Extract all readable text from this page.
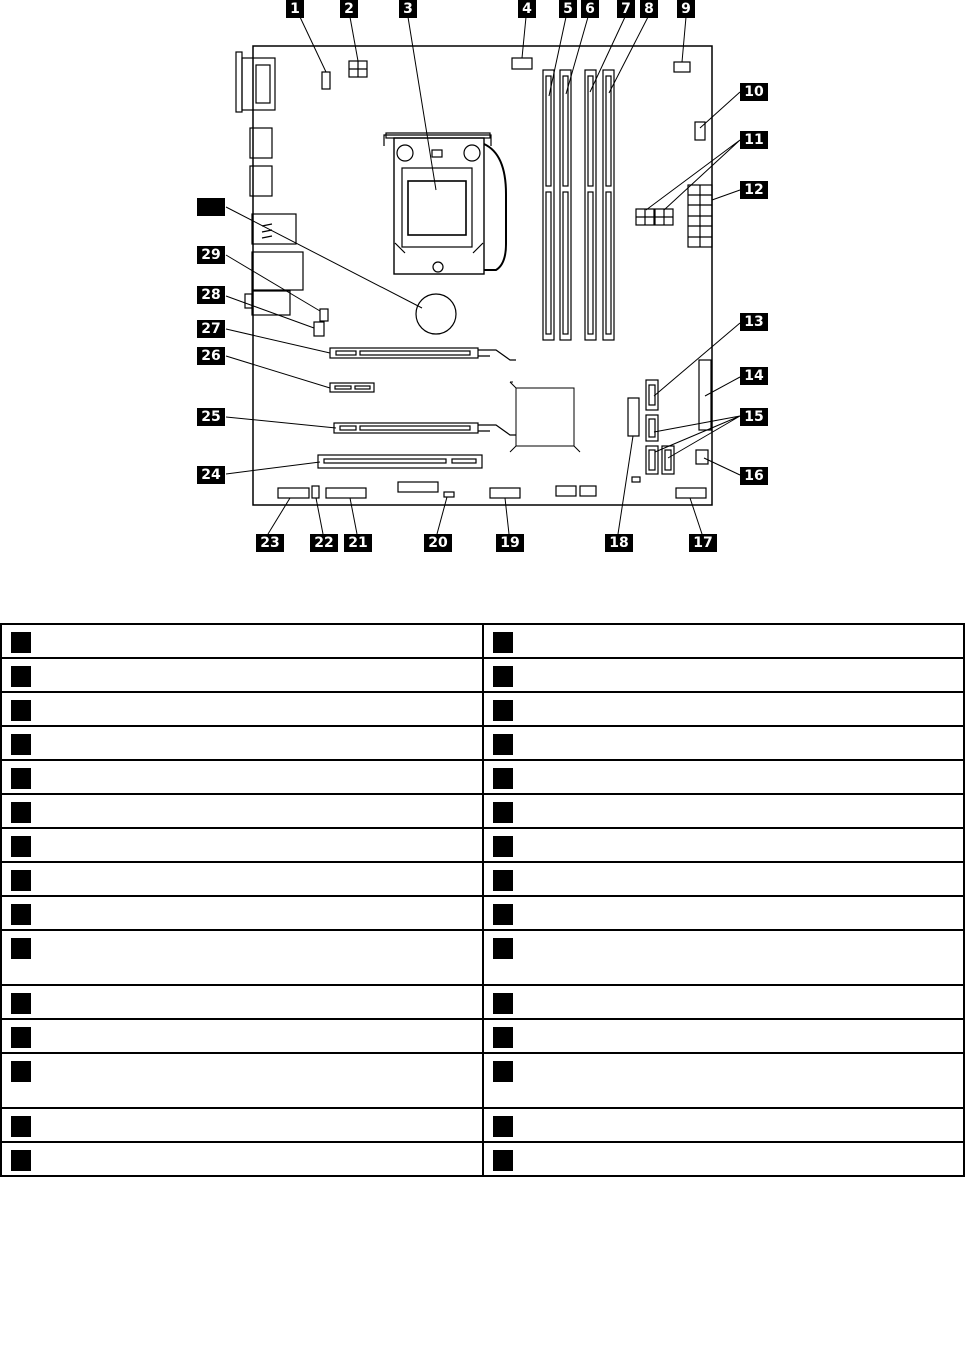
1	2	3	4 5 6 7 8 9
10
11
12
13
14
15
16
17
18
19
20
21
22
23
24
25
26
27
28
29
